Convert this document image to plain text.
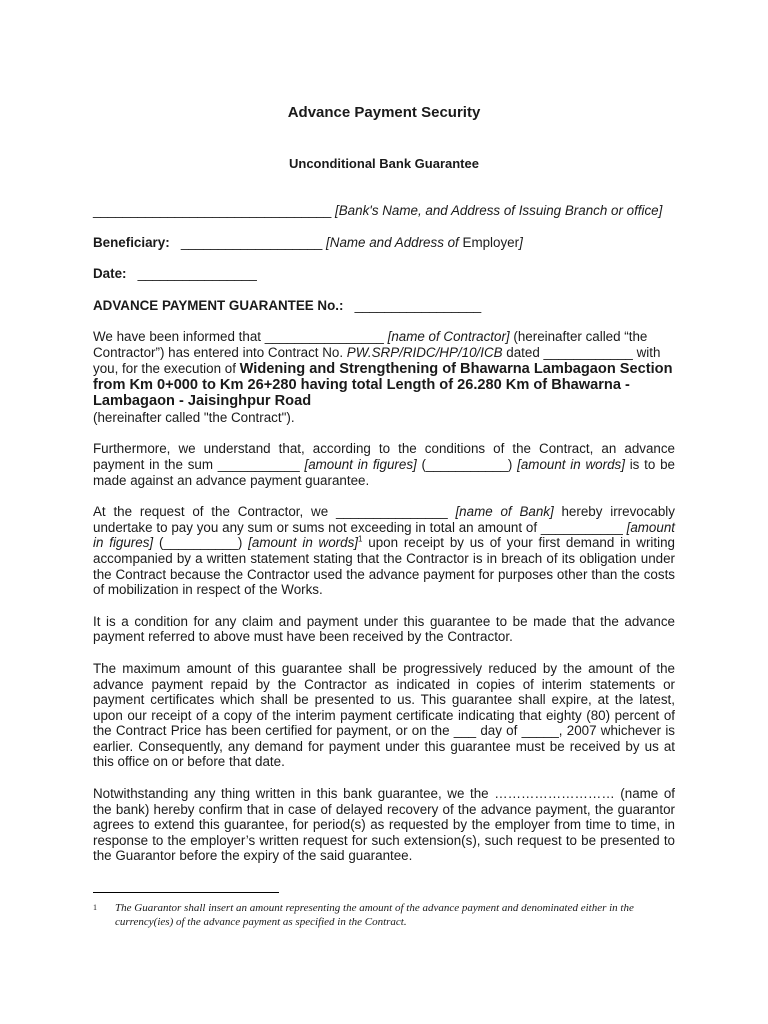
Advance Payment Security
Unconditional Bank Guarantee

________________________________ [Bank's Name, and Address of Issuing Branch or office]

Beneficiary:   ___________________ [Name and Address of Employer]

Date:   ________________

ADVANCE PAYMENT GUARANTEE No.:   _________________

We have been informed that ________________ [name of Contractor] (hereinafter called “the Contractor”) has entered into Contract No. PW.SRP/RIDC/HP/10/ICB dated ____________ with you, for the execution of Widening and Strengthening of Bhawarna Lambagaon Section from Km 0+000 to Km 26+280 having total Length of 26.280 Km of Bhawarna - Lambagaon - Jaisinghpur Road
(hereinafter called "the Contract").

Furthermore, we understand that, according to the conditions of the Contract, an advance payment in the sum ___________ [amount in figures] (___________) [amount in words] is to be made against an advance payment guarantee.

At the request of the Contractor, we _______________ [name of Bank] hereby irrevocably undertake to pay you any sum or sums not exceeding in total an amount of ___________ [amount in figures] (__________) [amount in words]$^1$ upon receipt by us of your first demand in writing accompanied by a written statement stating that the Contractor is in breach of its obligation under the Contract because the Contractor used the advance payment for purposes other than the costs of mobilization in respect of the Works.

It is a condition for any claim and payment under this guarantee to be made that the advance payment referred to above must have been received by the Contractor.

The maximum amount of this guarantee shall be progressively reduced by the amount of the advance payment repaid by the Contractor as indicated in copies of interim statements or payment certificates which shall be presented to us. This guarantee shall expire, at the latest, upon our receipt of a copy of the interim payment certificate indicating that eighty (80) percent of the Contract Price has been certified for payment, or on the ___ day of _____, 2007 whichever is earlier. Consequently, any demand for payment under this guarantee must be received by us at this office on or before that date.

Notwithstanding any thing written in this bank guarantee, we the ……………………… (name of the bank) hereby confirm that in case of delayed recovery of the advance payment, the guarantor agrees to extend this guarantee, for period(s) as requested by the employer from time to time, in response to the employer’s written request for such extension(s), such request to be presented to the Guarantor before the expiry of the said guarantee.

1 The Guarantor shall insert an amount representing the amount of the advance payment and denominated either in the currency(ies) of the advance payment as specified in the Contract.
